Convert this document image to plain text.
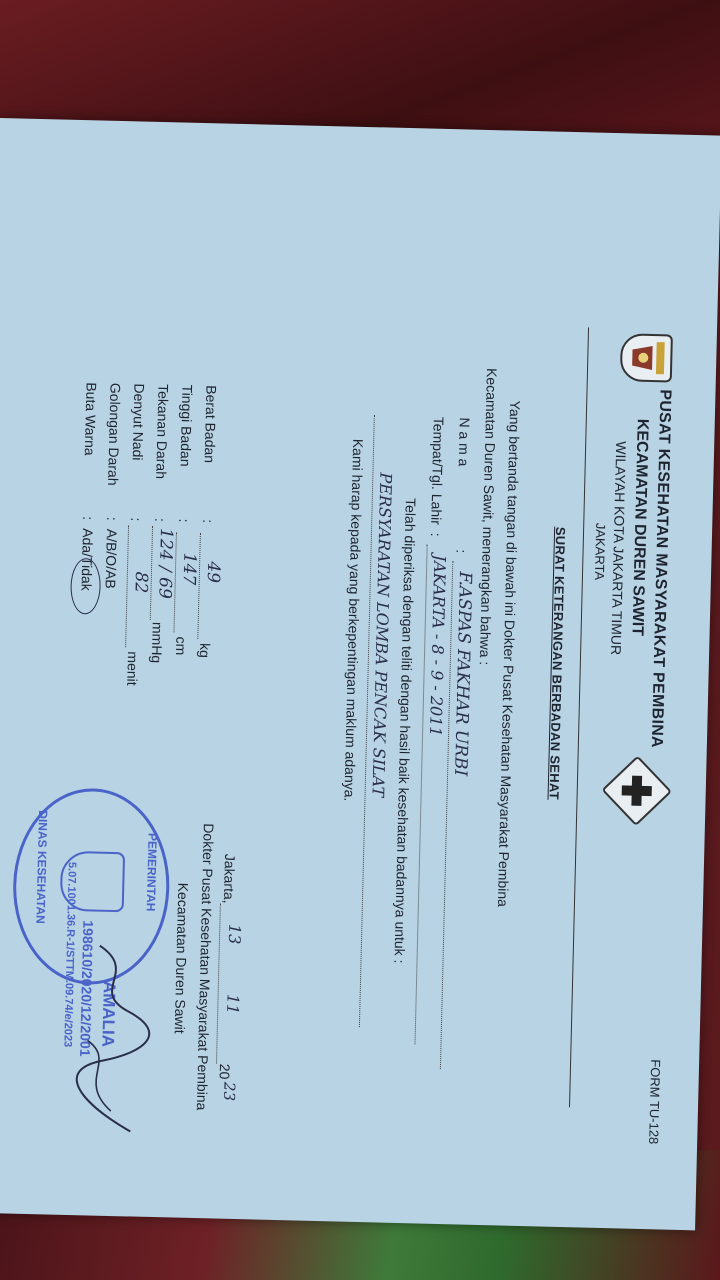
PUSAT KESEHATAN MASYARAKAT PEMBINA
KECAMATAN DUREN SAWIT
WILAYAH KOTA JAKARTA TIMUR
JAKARTA
FORM TU-128
SURAT KETERANGAN BERBADAN SEHAT
Yang bertanda tangan di bawah ini Dokter Pusat Kesehatan Masyarakat Pembina
Kecamatan Duren Sawit, menerangkan bahwa :
N a m a
:
F.ASPAS FAKHAR URBI
Tempat/Tgl. Lahir
:
JAKARTA - 8 - 9 - 2011
Telah diperiksa dengan teliti dengan hasil baik kesehatan badannya untuk :
PERSYARATAN LOMBA PENCAK SILAT
Kami harap kepada yang berkepentingan maklum adanya.
Berat Badan
:
49
kg
Tinggi Badan
:
147
cm
Tekanan Darah
:
124 / 69
mmHg
Denyut Nadi
:
82
menit
Golongan Darah
:
A/B/O/AB
Buta Warna
:
Ada/Tidak
Jakarta,
13
11
20
23
Dokter Pusat Kesehatan Masyarakat Pembina
Kecamatan Duren Sawit
PEMERINTAH
DINAS KESEHATAN
AMALIA
198610/2020/12/2001
5.07.1001.36.R-1/STTM.09.74/e/2023
